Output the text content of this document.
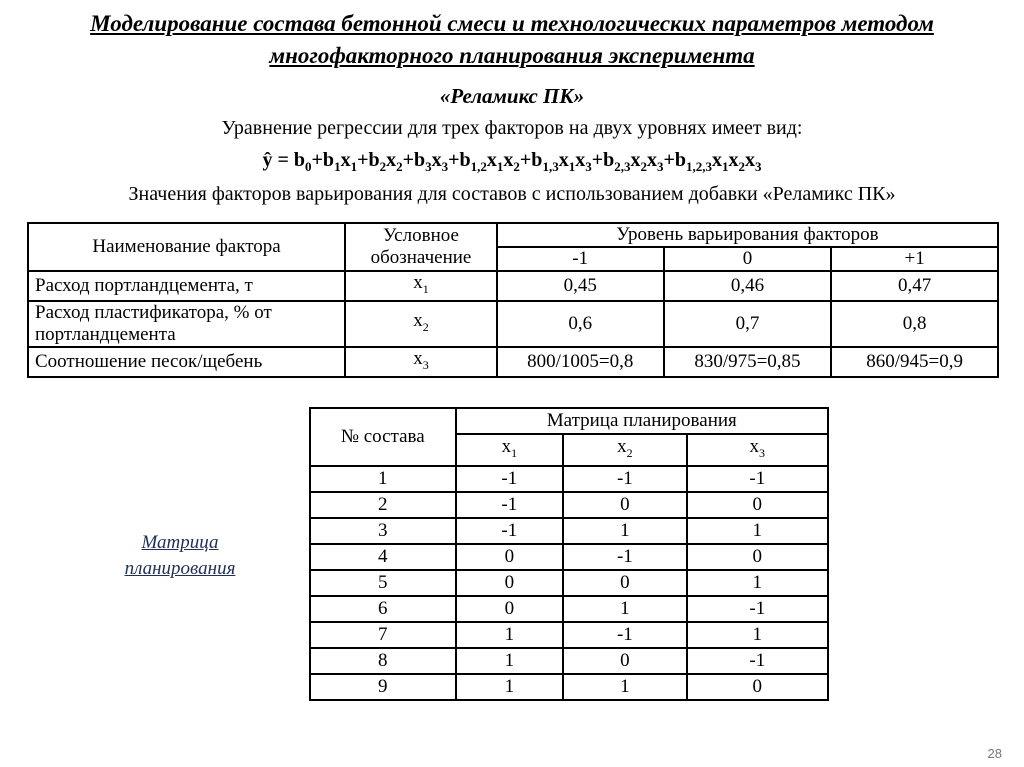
Моделирование состава бетонной смеси и технологических параметров методом
многофакторного планирования эксперимента
«Реламикс ПК»
Уравнение регрессии для трех факторов на двух уровнях имеет вид:
ŷ = $b_0+b_1x_1+b_2x_2+b_3x_3+b_{1,2}x_1x_2+b_{1,3}x_1x_3+b_{2,3}x_2x_3+b_{1,2,3}x_1x_2x_3$
Значения факторов варьирования для составов с использованием добавки «Реламикс ПК»
Наименование фактора	Условное обозначение	Уровень варьирования факторов		
		-1	0	+1
Расход портландцемента, т	$x_1$	0,45	0,46	0,47
Расход пластификатора, % от портландцемента	$x_2$	0,6	0,7	0,8
Соотношение песок/щебень	$x_3$	800/1005=0,8	830/975=0,85	860/945=0,9
Матрица планирования
№ состава	Матрица планирования		
	$x_1$	$x_2$	$x_3$
1	-1	-1	-1
2	-1	0	0
3	-1	1	1
4	0	-1	0
5	0	0	1
6	0	1	-1
7	1	-1	1
8	1	0	-1
9	1	1	0
28
